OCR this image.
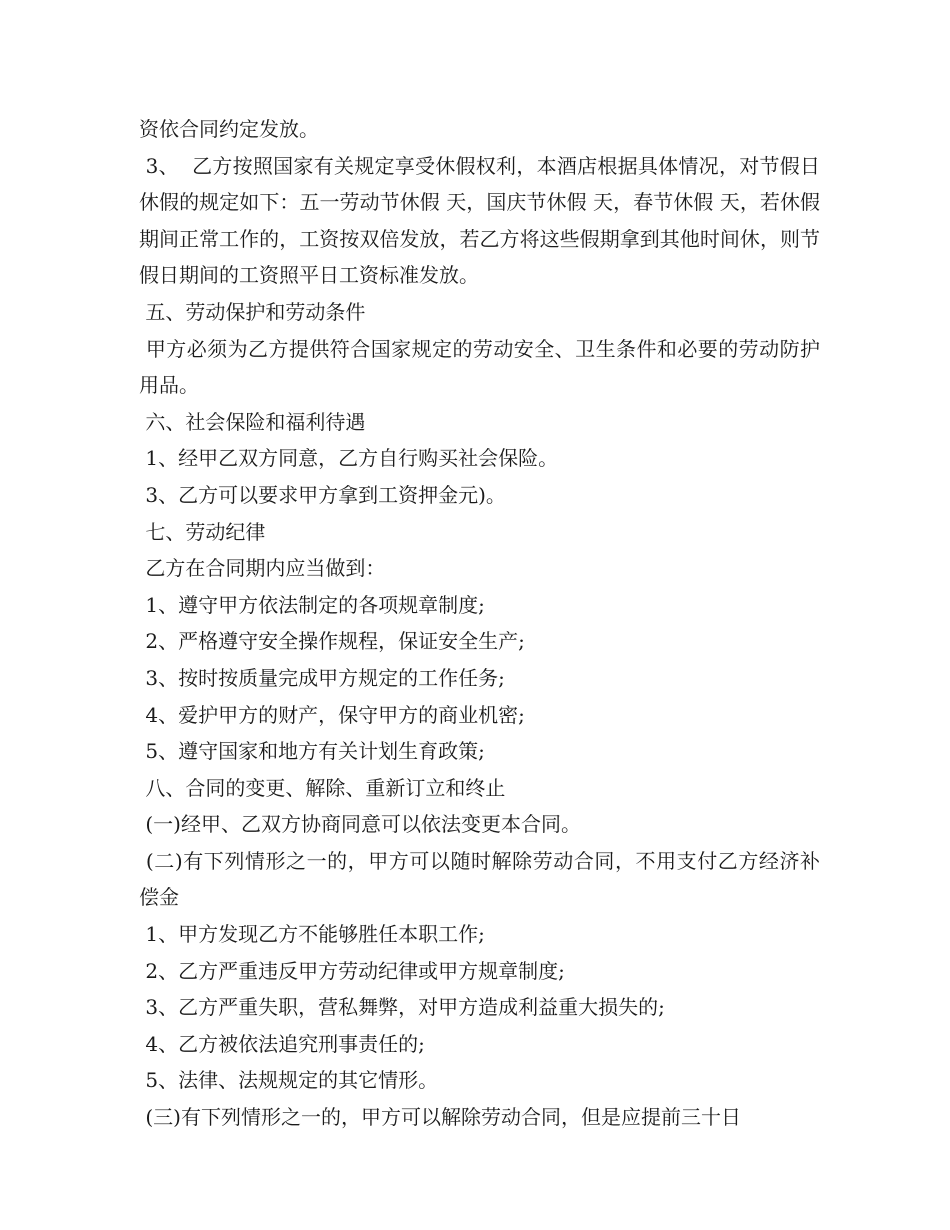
资依合同约定发放。

3、  乙方按照国家有关规定享受休假权利，本酒店根据具体情况，对节假日休假的规定如下：五一劳动节休假 天，国庆节休假 天，春节休假 天，若休假期间正常工作的，工资按双倍发放，若乙方将这些假期拿到其他时间休，则节假日期间的工资照平日工资标准发放。

五、劳动保护和劳动条件

甲方必须为乙方提供符合国家规定的劳动安全、卫生条件和必要的劳动防护用品。

六、社会保险和福利待遇

1、经甲乙双方同意，乙方自行购买社会保险。

3、乙方可以要求甲方拿到工资押金元)。

七、劳动纪律

乙方在合同期内应当做到：

1、遵守甲方依法制定的各项规章制度;

2、严格遵守安全操作规程，保证安全生产;

3、按时按质量完成甲方规定的工作任务;

4、爱护甲方的财产，保守甲方的商业机密;

5、遵守国家和地方有关计划生育政策;

八、合同的变更、解除、重新订立和终止

(一)经甲、乙双方协商同意可以依法变更本合同。

(二)有下列情形之一的，甲方可以随时解除劳动合同，不用支付乙方经济补偿金

1、甲方发现乙方不能够胜任本职工作;

2、乙方严重违反甲方劳动纪律或甲方规章制度;

3、乙方严重失职，营私舞弊，对甲方造成利益重大损失的;

4、乙方被依法追究刑事责任的;

5、法律、法规规定的其它情形。

(三)有下列情形之一的，甲方可以解除劳动合同，但是应提前三十日
